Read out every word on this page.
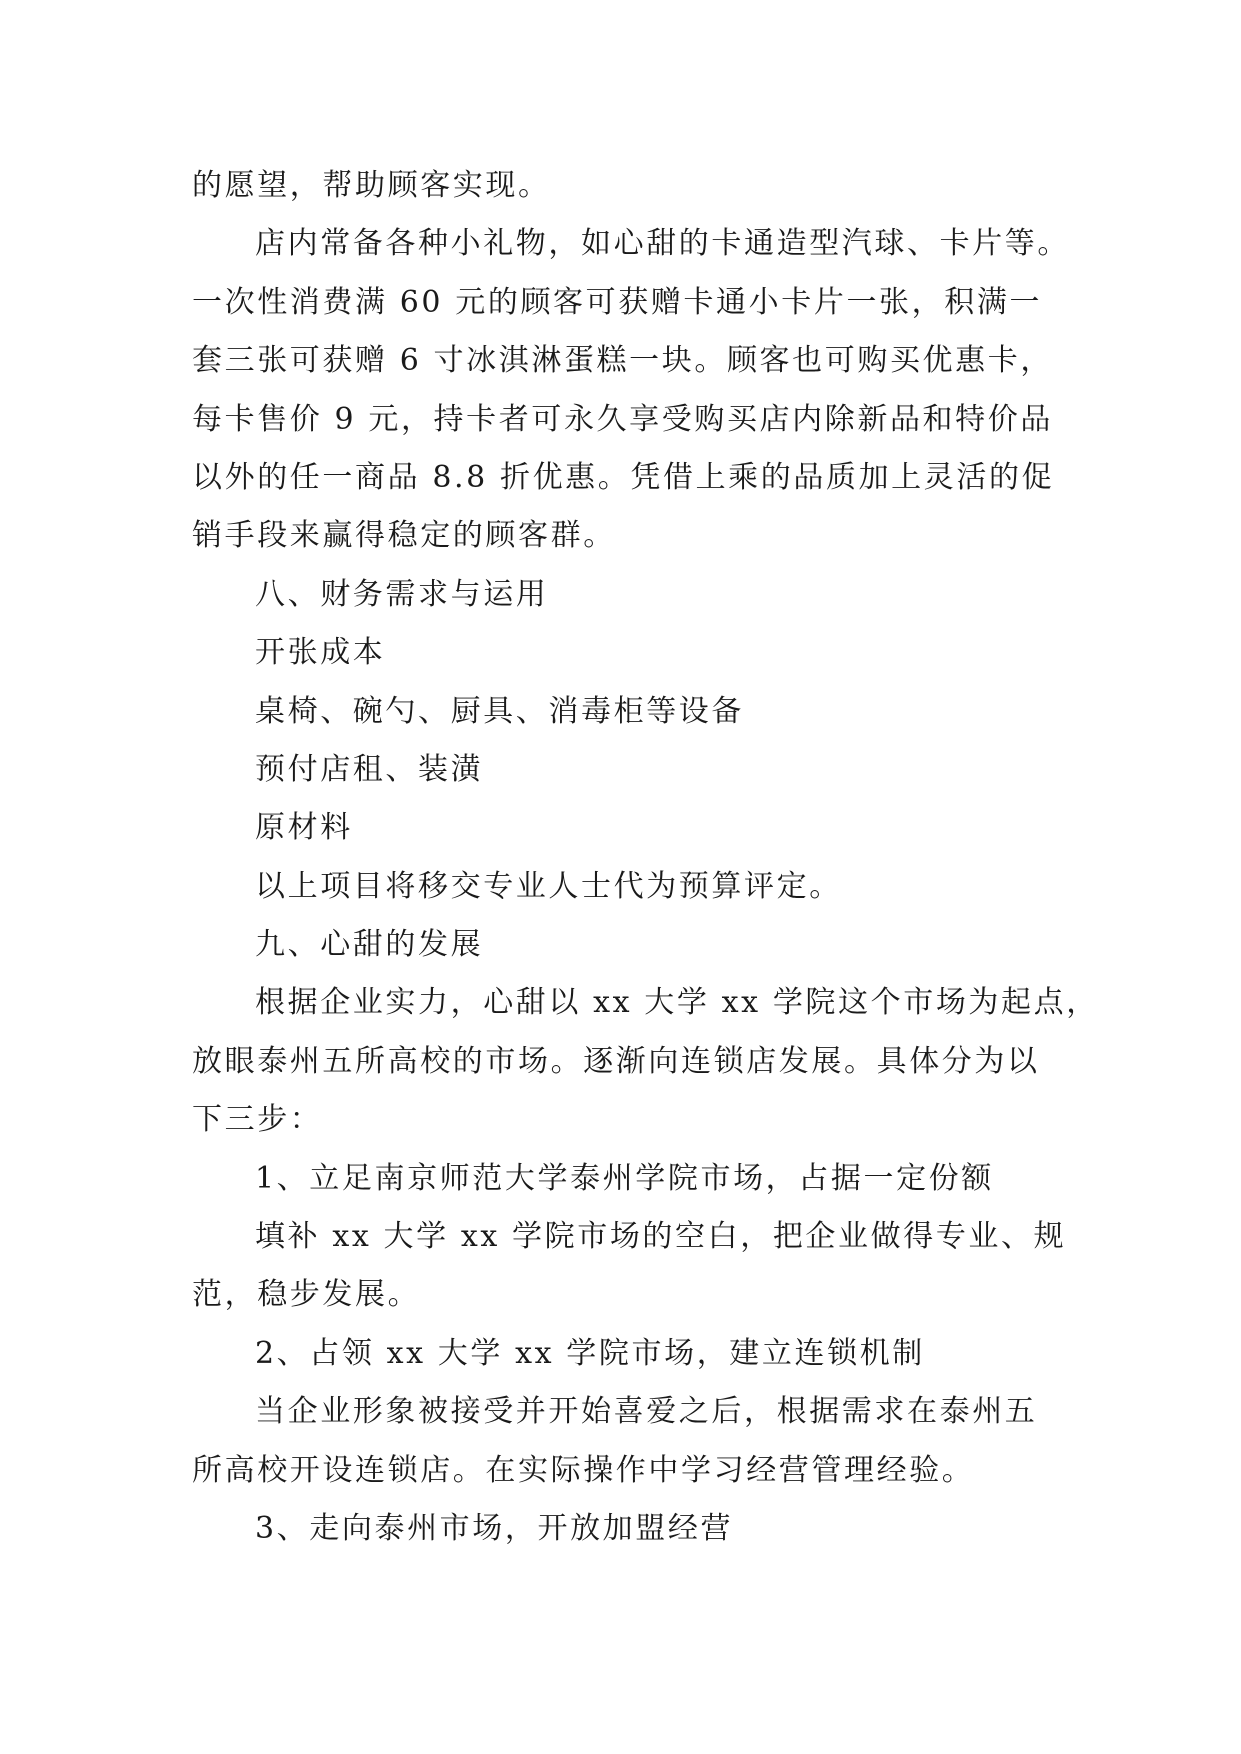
的愿望，帮助顾客实现。

店内常备各种小礼物，如心甜的卡通造型汽球、卡片等。

一次性消费满 60 元的顾客可获赠卡通小卡片一张，积满一

套三张可获赠 6 寸冰淇淋蛋糕一块。顾客也可购买优惠卡，

每卡售价 9 元，持卡者可永久享受购买店内除新品和特价品

以外的任一商品 8.8 折优惠。凭借上乘的品质加上灵活的促

销手段来赢得稳定的顾客群。

八、财务需求与运用

开张成本

桌椅、碗勺、厨具、消毒柜等设备

预付店租、装潢

原材料

以上项目将移交专业人士代为预算评定。

九、心甜的发展

根据企业实力，心甜以 xx 大学 xx 学院这个市场为起点，

放眼泰州五所高校的市场。逐渐向连锁店发展。具体分为以

下三步：

1、立足南京师范大学泰州学院市场，占据一定份额

填补 xx 大学 xx 学院市场的空白，把企业做得专业、规

范，稳步发展。

2、占领 xx 大学 xx 学院市场，建立连锁机制

当企业形象被接受并开始喜爱之后，根据需求在泰州五

所高校开设连锁店。在实际操作中学习经营管理经验。

3、走向泰州市场，开放加盟经营
